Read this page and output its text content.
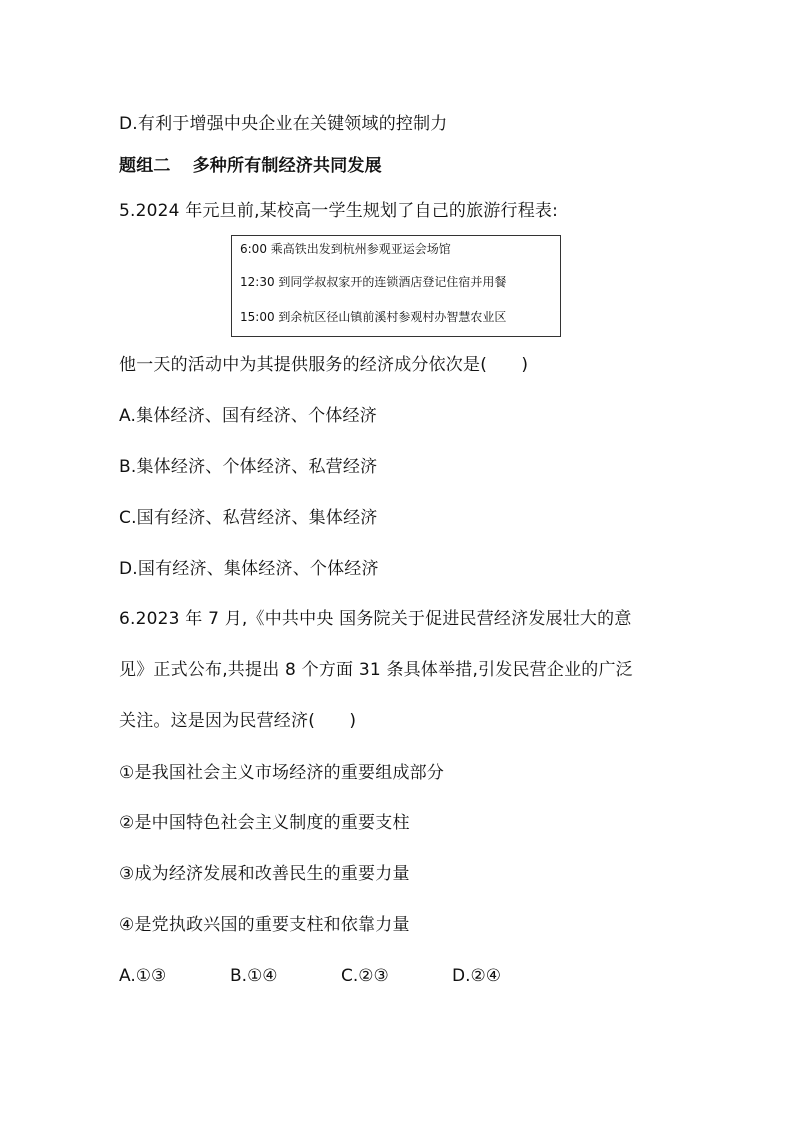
D.有利于增强中央企业在关键领域的控制力
题组二 多种所有制经济共同发展
5.2024 年元旦前,某校高一学生规划了自己的旅游行程表:
6:00 乘高铁出发到杭州参观亚运会场馆
12:30 到同学叔叔家开的连锁酒店登记住宿并用餐
15:00 到余杭区径山镇前溪村参观村办智慧农业区
他一天的活动中为其提供服务的经济成分依次是(　　)
A.集体经济、国有经济、个体经济
B.集体经济、个体经济、私营经济
C.国有经济、私营经济、集体经济
D.国有经济、集体经济、个体经济
6.2023 年 7 月,《中共中央 国务院关于促进民营经济发展壮大的意
见》正式公布,共提出 8 个方面 31 条具体举措,引发民营企业的广泛
关注。这是因为民营经济(　　)
①是我国社会主义市场经济的重要组成部分
②是中国特色社会主义制度的重要支柱
③成为经济发展和改善民生的重要力量
④是党执政兴国的重要支柱和依靠力量
A.①③	B.①④	C.②③	D.②④
